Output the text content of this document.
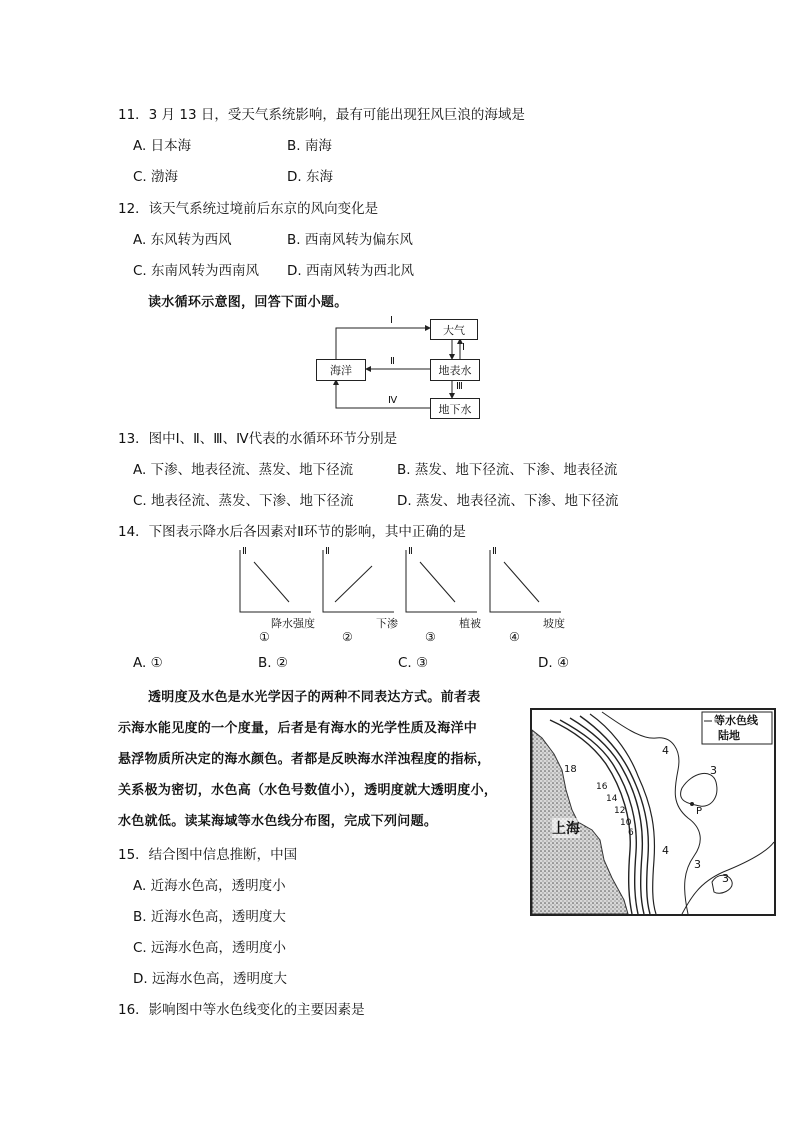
11．3 月 13 日，受天气系统影响，最有可能出现狂风巨浪的海域是
A. 日本海	B. 南海
C. 渤海	D. 东海
12．该天气系统过境前后东京的风向变化是
A. 东风转为西风	B. 西南风转为偏东风
C. 东南风转为西南风 D. 西南风转为西北风
读水循环示意图，回答下面小题。
大气
海洋	地表水
地下水
Ⅰ
Ⅰ
Ⅱ
Ⅲ
Ⅳ
13．图中Ⅰ、Ⅱ、Ⅲ、Ⅳ代表的水循环环节分别是
A. 下渗、地表径流、蒸发、地下径流	B. 蒸发、地下径流、下渗、地表径流
C. 地表径流、蒸发、下渗、地下径流	D. 蒸发、地表径流、下渗、地下径流
14．下图表示降水后各因素对Ⅱ环节的影响，其中正确的是
Ⅱ
降水强度
①
Ⅱ
下渗
②
Ⅱ
植被
③
Ⅱ
坡度
④
A. ①	B. ②	C. ③	D. ④
透明度及水色是水光学因子的两种不同表达方式。前者表
示海水能见度的一个度量，后者是有海水的光学性质及海洋中
悬浮物质所决定的海水颜色。者都是反映海水洋浊程度的指标，
关系极为密切，水色高（水色号数值小），透明度就大透明度小，
水色就低。读某海域等水色线分布图，完成下列问题。
等水色线
陆地
上海
4
3
3
4
3
18
16
14
12
10
6
P
15．结合图中信息推断，中国
A. 近海水色高，透明度小
B. 近海水色高，透明度大
C. 远海水色高，透明度小
D. 远海水色高，透明度大
16．影响图中等水色线变化的主要因素是
